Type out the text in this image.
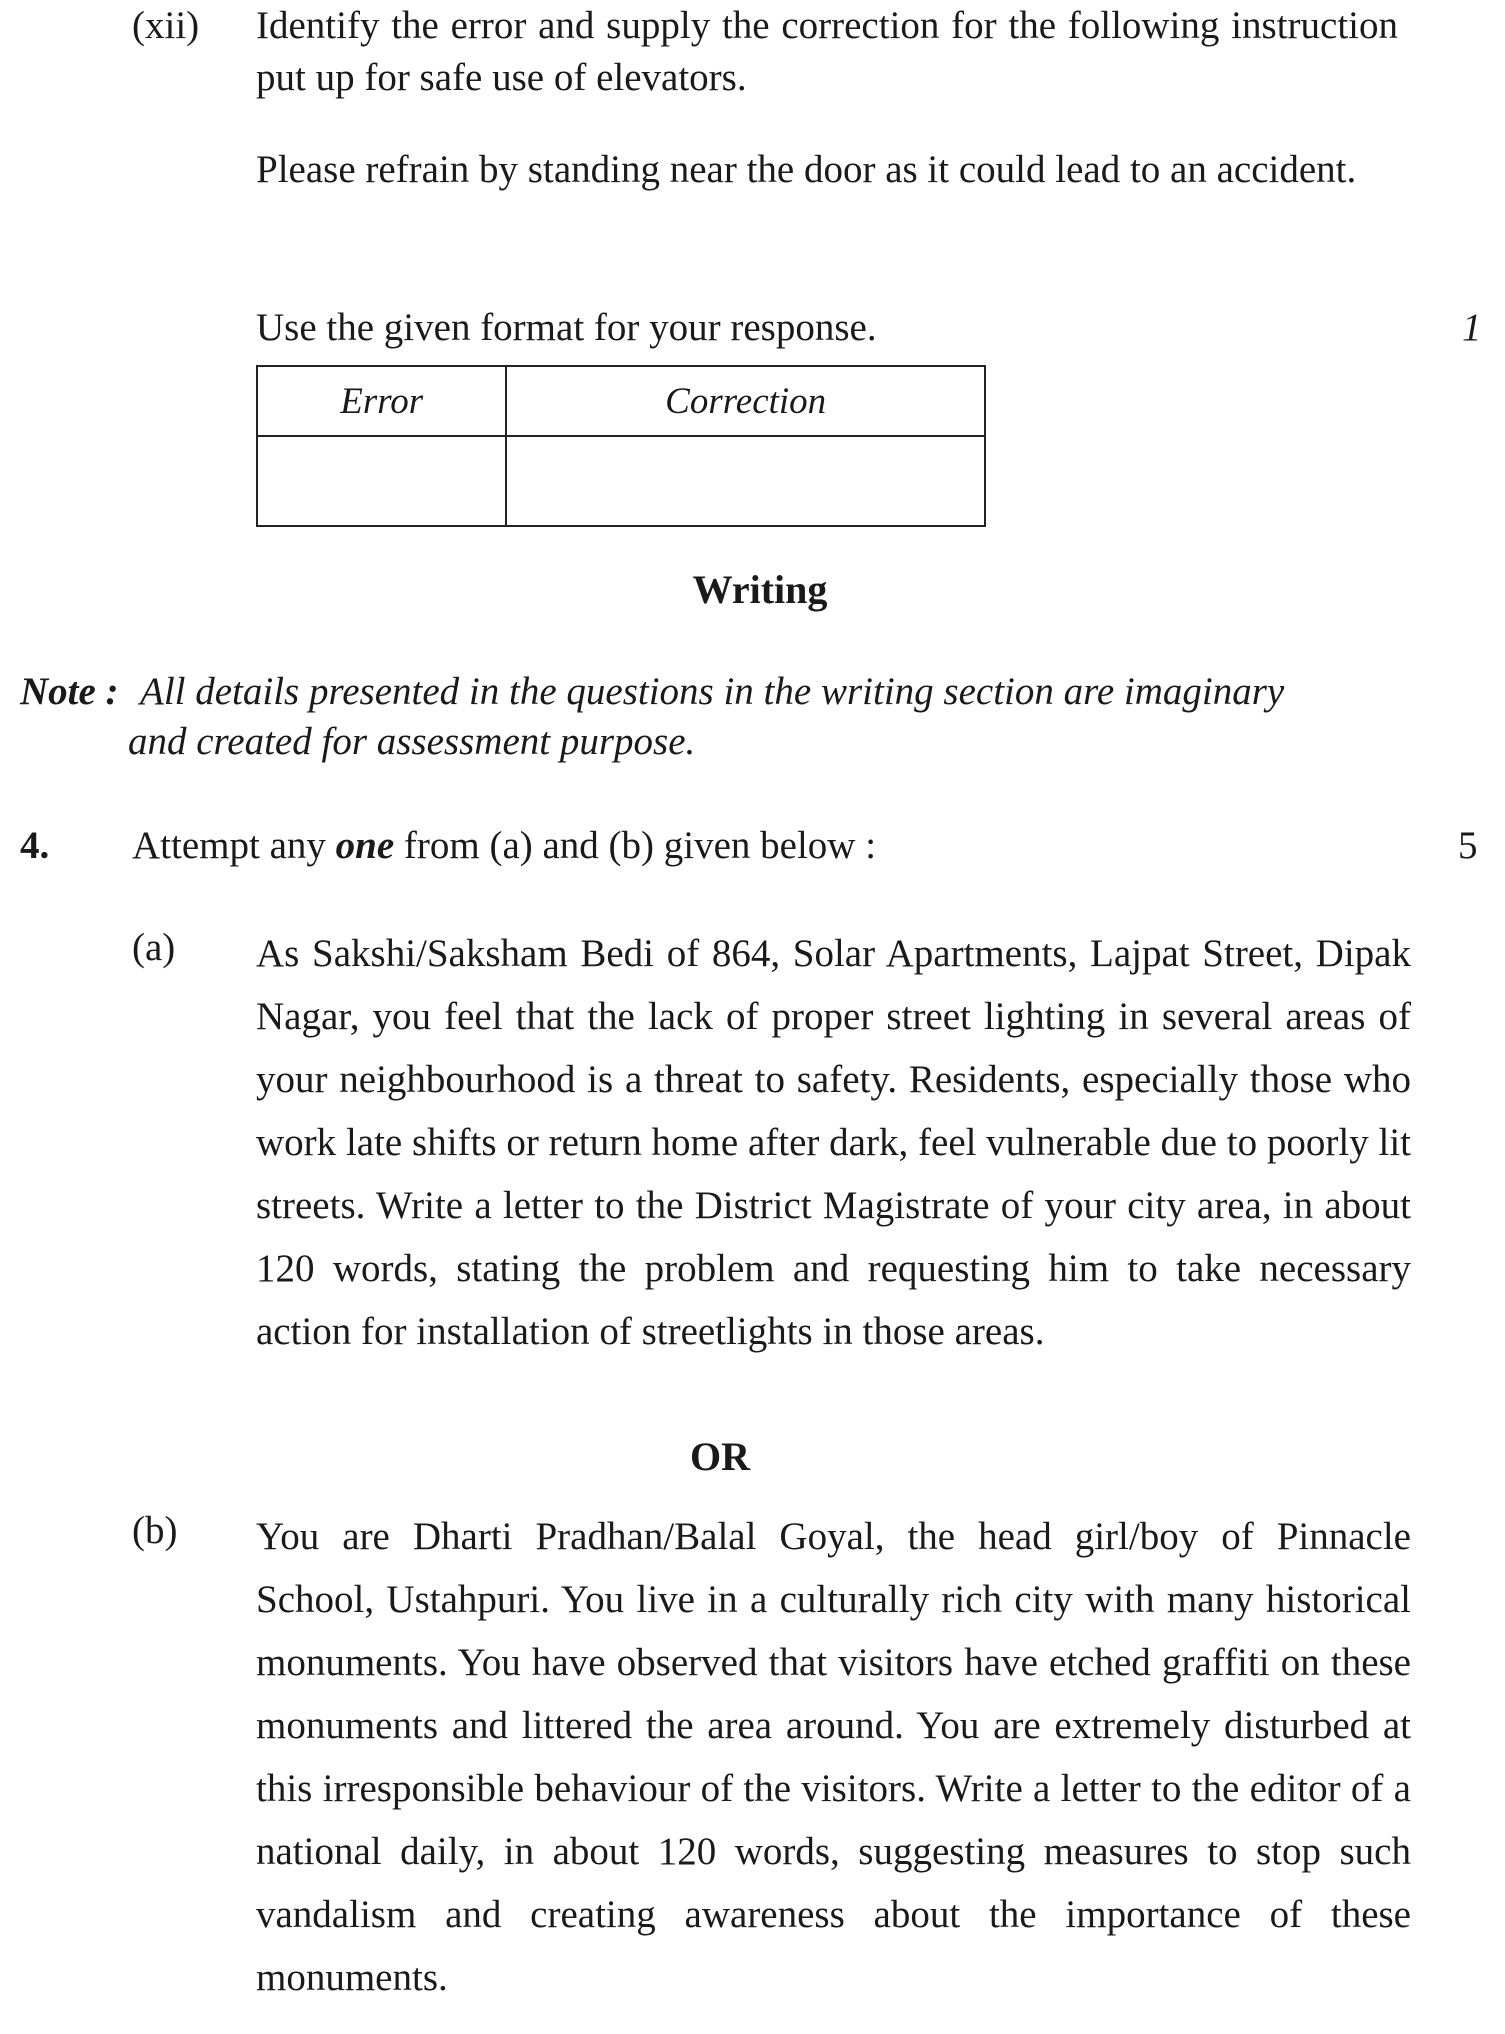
(xii) Identify the error and supply the correction for the following instruction put up for safe use of elevators.
Please refrain by standing near the door as it could lead to an accident.
Use the given format for your response.	1
Error	Correction

Writing
Note : All details presented in the questions in the writing section are imaginary
and created for assessment purpose.
4. Attempt any one from (a) and (b) given below :	5
(a) As Sakshi/Saksham Bedi of 864, Solar Apartments, Lajpat Street, Dipak Nagar, you feel that the lack of proper street lighting in several areas of your neighbourhood is a threat to safety. Residents, especially those who work late shifts or return home after dark, feel vulnerable due to poorly lit streets. Write a letter to the District Magistrate of your city area, in about 120 words, stating the problem and requesting him to take necessary action for installation of streetlights in those areas.
OR
(b) You are Dharti Pradhan/Balal Goyal, the head girl/boy of Pinnacle School, Ustahpuri. You live in a culturally rich city with many historical monuments. You have observed that visitors have etched graffiti on these monuments and littered the area around. You are extremely disturbed at this irresponsible behaviour of the visitors. Write a letter to the editor of a national daily, in about 120 words, suggesting measures to stop such vandalism and creating awareness about the importance of these monuments.
